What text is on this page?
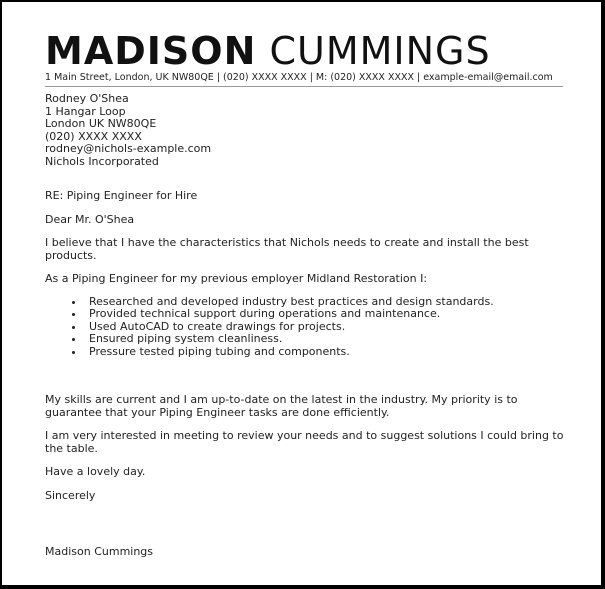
MADISON CUMMINGS
1 Main Street, London, UK NW80QE | (020) XXXX XXXX | M: (020) XXXX XXXX | example-email@email.com

Rodney O'Shea

1 Hangar Loop

London UK NW80QE

(020) XXXX XXXX

rodney@nichols-example.com

Nichols Incorporated

RE: Piping Engineer for Hire

Dear Mr. O'Shea

I believe that I have the characteristics that Nichols needs to create and install the best products.

As a Piping Engineer for my previous employer Midland Restoration I:

• Researched and developed industry best practices and design standards.
• Provided technical support during operations and maintenance.
• Used AutoCAD to create drawings for projects.
• Ensured piping system cleanliness.
• Pressure tested piping tubing and components.

My skills are current and I am up-to-date on the latest in the industry. My priority is to guarantee that your Piping Engineer tasks are done efficiently.

I am very interested in meeting to review your needs and to suggest solutions I could bring to the table.

Have a lovely day.

Sincerely

Madison Cummings
